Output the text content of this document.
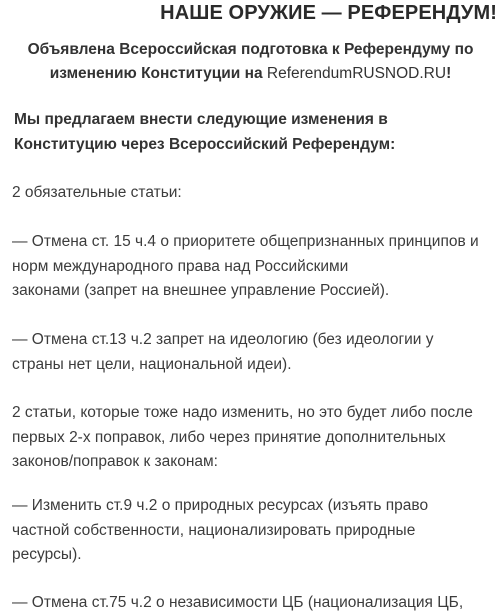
НАШЕ ОРУЖИЕ — РЕФЕРЕНДУМ!
Объявлена Всероссийская подготовка к Референдуму по
изменению Конституции на ReferendumRUSNOD.RU!
Мы предлагаем внести следующие изменения в
Конституцию через Всероссийский Референдум:
2 обязательные статьи:
— Отмена ст. 15 ч.4 о приоритете общепризнанных принципов и
норм международного права над Российскими
законами (запрет на внешнее управление Россией).
— Отмена ст.13 ч.2 запрет на идеологию (без идеологии у
страны нет цели, национальной идеи).
2 статьи, которые тоже надо изменить, но это будет либо после
первых 2-х поправок, либо через принятие дополнительных
законов/поправок к законам:
— Изменить ст.9 ч.2 о природных ресурсах (изъять право
частной собственности, национализировать природные
ресурсы).
— Отмена ст.75 ч.2 о независимости ЦБ (национализация ЦБ,
